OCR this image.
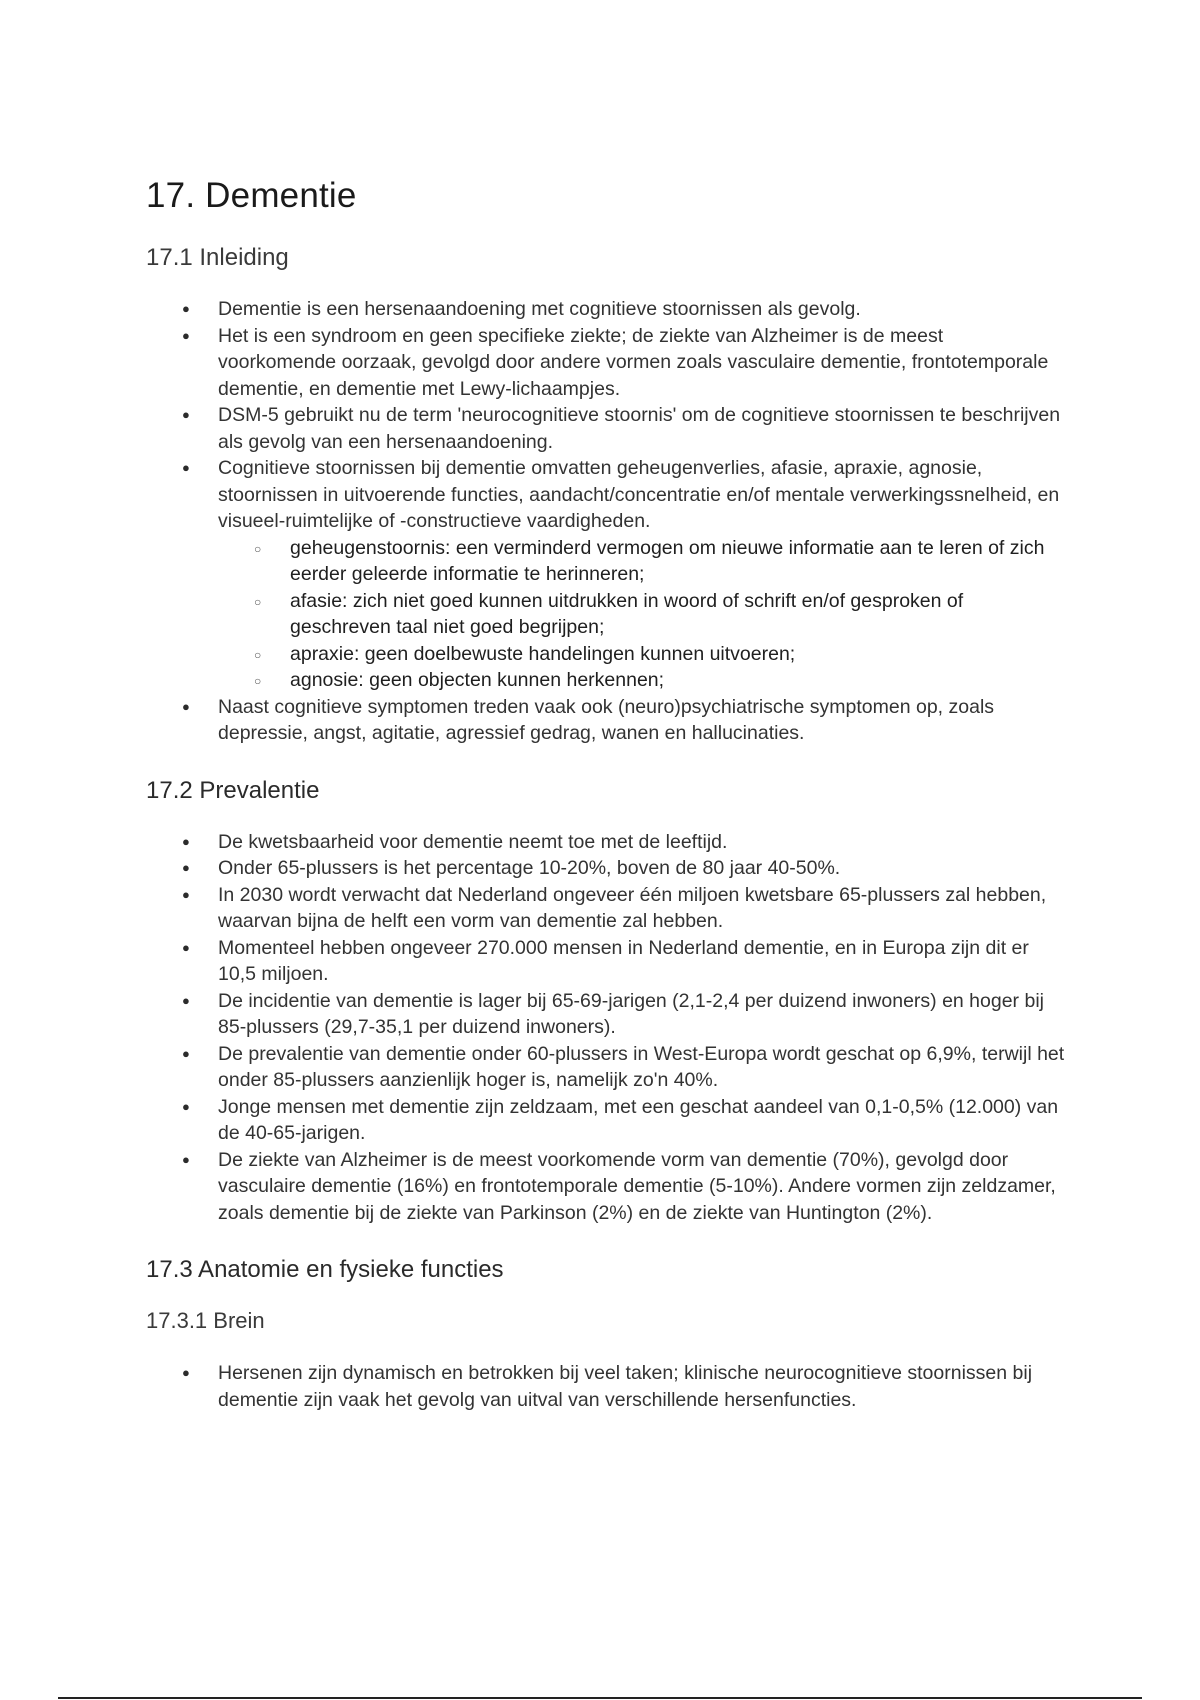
17. Dementie
17.1 Inleiding
● Dementie is een hersenaandoening met cognitieve stoornissen als gevolg.
● Het is een syndroom en geen specifieke ziekte; de ziekte van Alzheimer is de meest voorkomende oorzaak, gevolgd door andere vormen zoals vasculaire dementie, frontotemporale dementie, en dementie met Lewy-lichaampjes.
● DSM-5 gebruikt nu de term 'neurocognitieve stoornis' om de cognitieve stoornissen te beschrijven als gevolg van een hersenaandoening.
● Cognitieve stoornissen bij dementie omvatten geheugenverlies, afasie, apraxie, agnosie, stoornissen in uitvoerende functies, aandacht/concentratie en/of mentale verwerkingssnelheid, en visueel-ruimtelijke of -constructieve vaardigheden.
○ geheugenstoornis: een verminderd vermogen om nieuwe informatie aan te leren of zich eerder geleerde informatie te herinneren;
○ afasie: zich niet goed kunnen uitdrukken in woord of schrift en/of gesproken of geschreven taal niet goed begrijpen;
○ apraxie: geen doelbewuste handelingen kunnen uitvoeren;
○ agnosie: geen objecten kunnen herkennen;
● Naast cognitieve symptomen treden vaak ook (neuro)psychiatrische symptomen op, zoals depressie, angst, agitatie, agressief gedrag, wanen en hallucinaties.
17.2 Prevalentie
● De kwetsbaarheid voor dementie neemt toe met de leeftijd.
● Onder 65-plussers is het percentage 10-20%, boven de 80 jaar 40-50%.
● In 2030 wordt verwacht dat Nederland ongeveer één miljoen kwetsbare 65-plussers zal hebben, waarvan bijna de helft een vorm van dementie zal hebben.
● Momenteel hebben ongeveer 270.000 mensen in Nederland dementie, en in Europa zijn dit er 10,5 miljoen.
● De incidentie van dementie is lager bij 65-69-jarigen (2,1-2,4 per duizend inwoners) en hoger bij 85-plussers (29,7-35,1 per duizend inwoners).
● De prevalentie van dementie onder 60-plussers in West-Europa wordt geschat op 6,9%, terwijl het onder 85-plussers aanzienlijk hoger is, namelijk zo'n 40%.
● Jonge mensen met dementie zijn zeldzaam, met een geschat aandeel van 0,1-0,5% (12.000) van de 40-65-jarigen.
● De ziekte van Alzheimer is de meest voorkomende vorm van dementie (70%), gevolgd door vasculaire dementie (16%) en frontotemporale dementie (5-10%). Andere vormen zijn zeldzamer, zoals dementie bij de ziekte van Parkinson (2%) en de ziekte van Huntington (2%).
17.3 Anatomie en fysieke functies
17.3.1 Brein
● Hersenen zijn dynamisch en betrokken bij veel taken; klinische neurocognitieve stoornissen bij dementie zijn vaak het gevolg van uitval van verschillende hersenfuncties.
